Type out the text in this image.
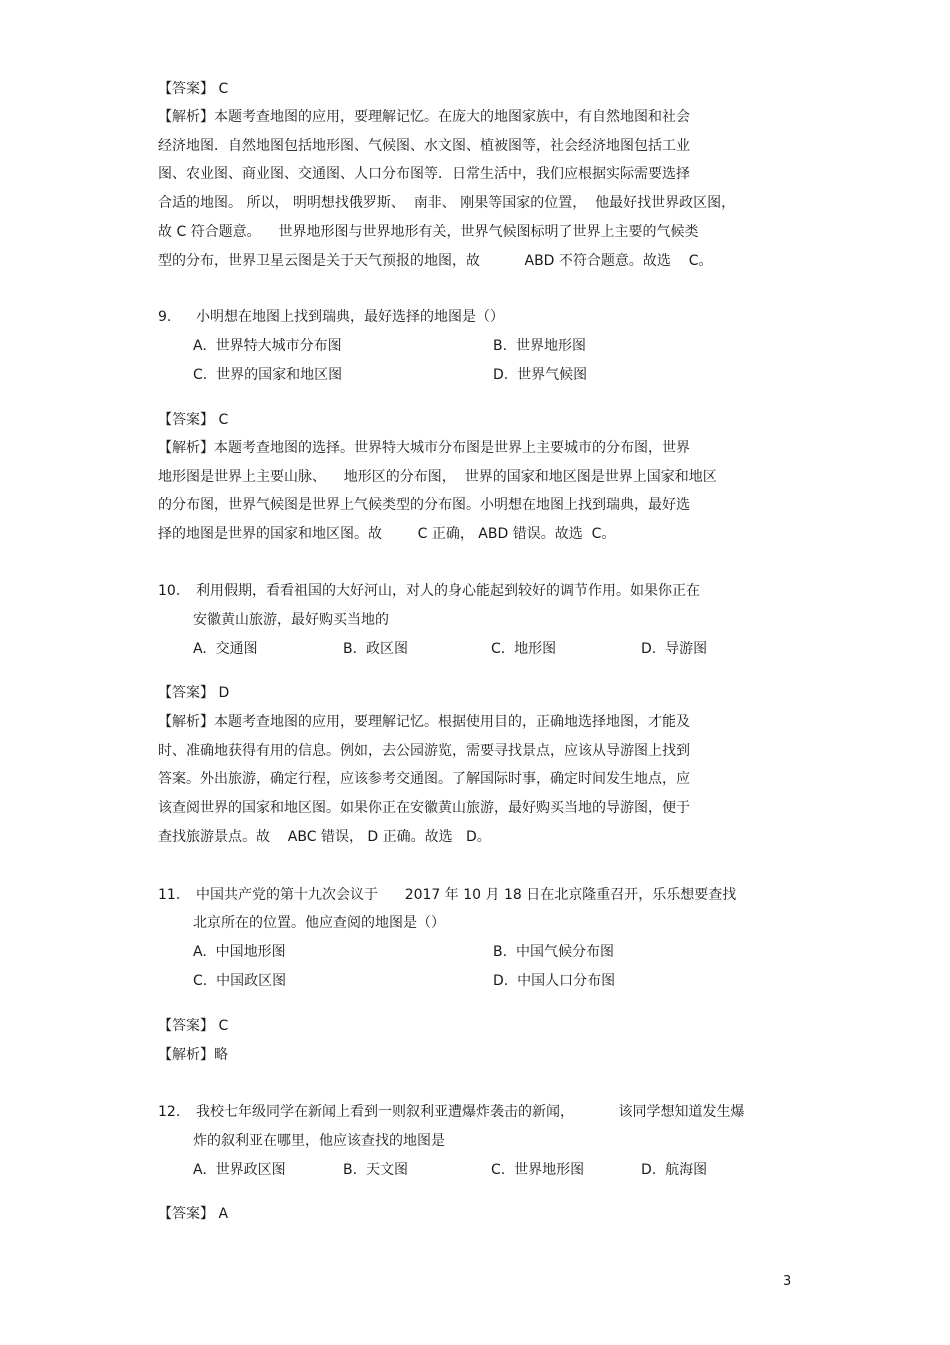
【答案】 C
【解析】本题考查地图的应用，要理解记忆。在庞大的地图家族中，有自然地图和社会
经济地图．自然地图包括地形图、气候图、水文图、植被图等，社会经济地图包括工业
图、农业图、商业图、交通图、人口分布图等．日常生活中，我们应根据实际需要选择
合适的地图。 所以， 明明想找俄罗斯、  南非、 刚果等国家的位置，  他最好找世界政区图，
故 C 符合题意。    世界地形图与世界地形有关，世界气候图标明了世界上主要的气候类
型的分布，世界卫星云图是关于天气预报的地图，故          ABD 不符合题意。故选    C。
9. 小明想在地图上找到瑞典，最好选择的地图是（）
A.  世界特大城市分布图	B.  世界地形图
C.  世界的国家和地区图	D.  世界气候图
【答案】 C
【解析】本题考查地图的选择。世界特大城市分布图是世界上主要城市的分布图，世界
地形图是世界上主要山脉、    地形区的分布图，  世界的国家和地区图是世界上国家和地区
的分布图，世界气候图是世界上气候类型的分布图。小明想在地图上找到瑞典，最好选
择的地图是世界的国家和地区图。故        C 正确， ABD 错误。故选  C。
10. 利用假期，看看祖国的大好河山，对人的身心能起到较好的调节作用。如果你正在
安徽黄山旅游，最好购买当地的
A.  交通图	B.  政区图	C.  地形图	D.  导游图
【答案】 D
【解析】本题考查地图的应用，要理解记忆。根据使用目的，正确地选择地图，才能及
时、准确地获得有用的信息。例如，去公园游览，需要寻找景点，应该从导游图上找到
答案。外出旅游，确定行程，应该参考交通图。了解国际时事，确定时间发生地点，应
该查阅世界的国家和地区图。如果你正在安徽黄山旅游，最好购买当地的导游图，便于
查找旅游景点。故    ABC 错误， D 正确。故选   D。
11. 中国共产党的第十九次会议于      2017 年 10 月 18 日在北京隆重召开，乐乐想要查找
北京所在的位置。他应查阅的地图是（）
A.  中国地形图	B.  中国气候分布图
C.  中国政区图	D.  中国人口分布图
【答案】 C
【解析】略
12. 我校七年级同学在新闻上看到一则叙利亚遭爆炸袭击的新闻，          该同学想知道发生爆
炸的叙利亚在哪里，他应该查找的地图是
A.  世界政区图	B.  天文图	C.  世界地形图	D.  航海图
【答案】 A
3
